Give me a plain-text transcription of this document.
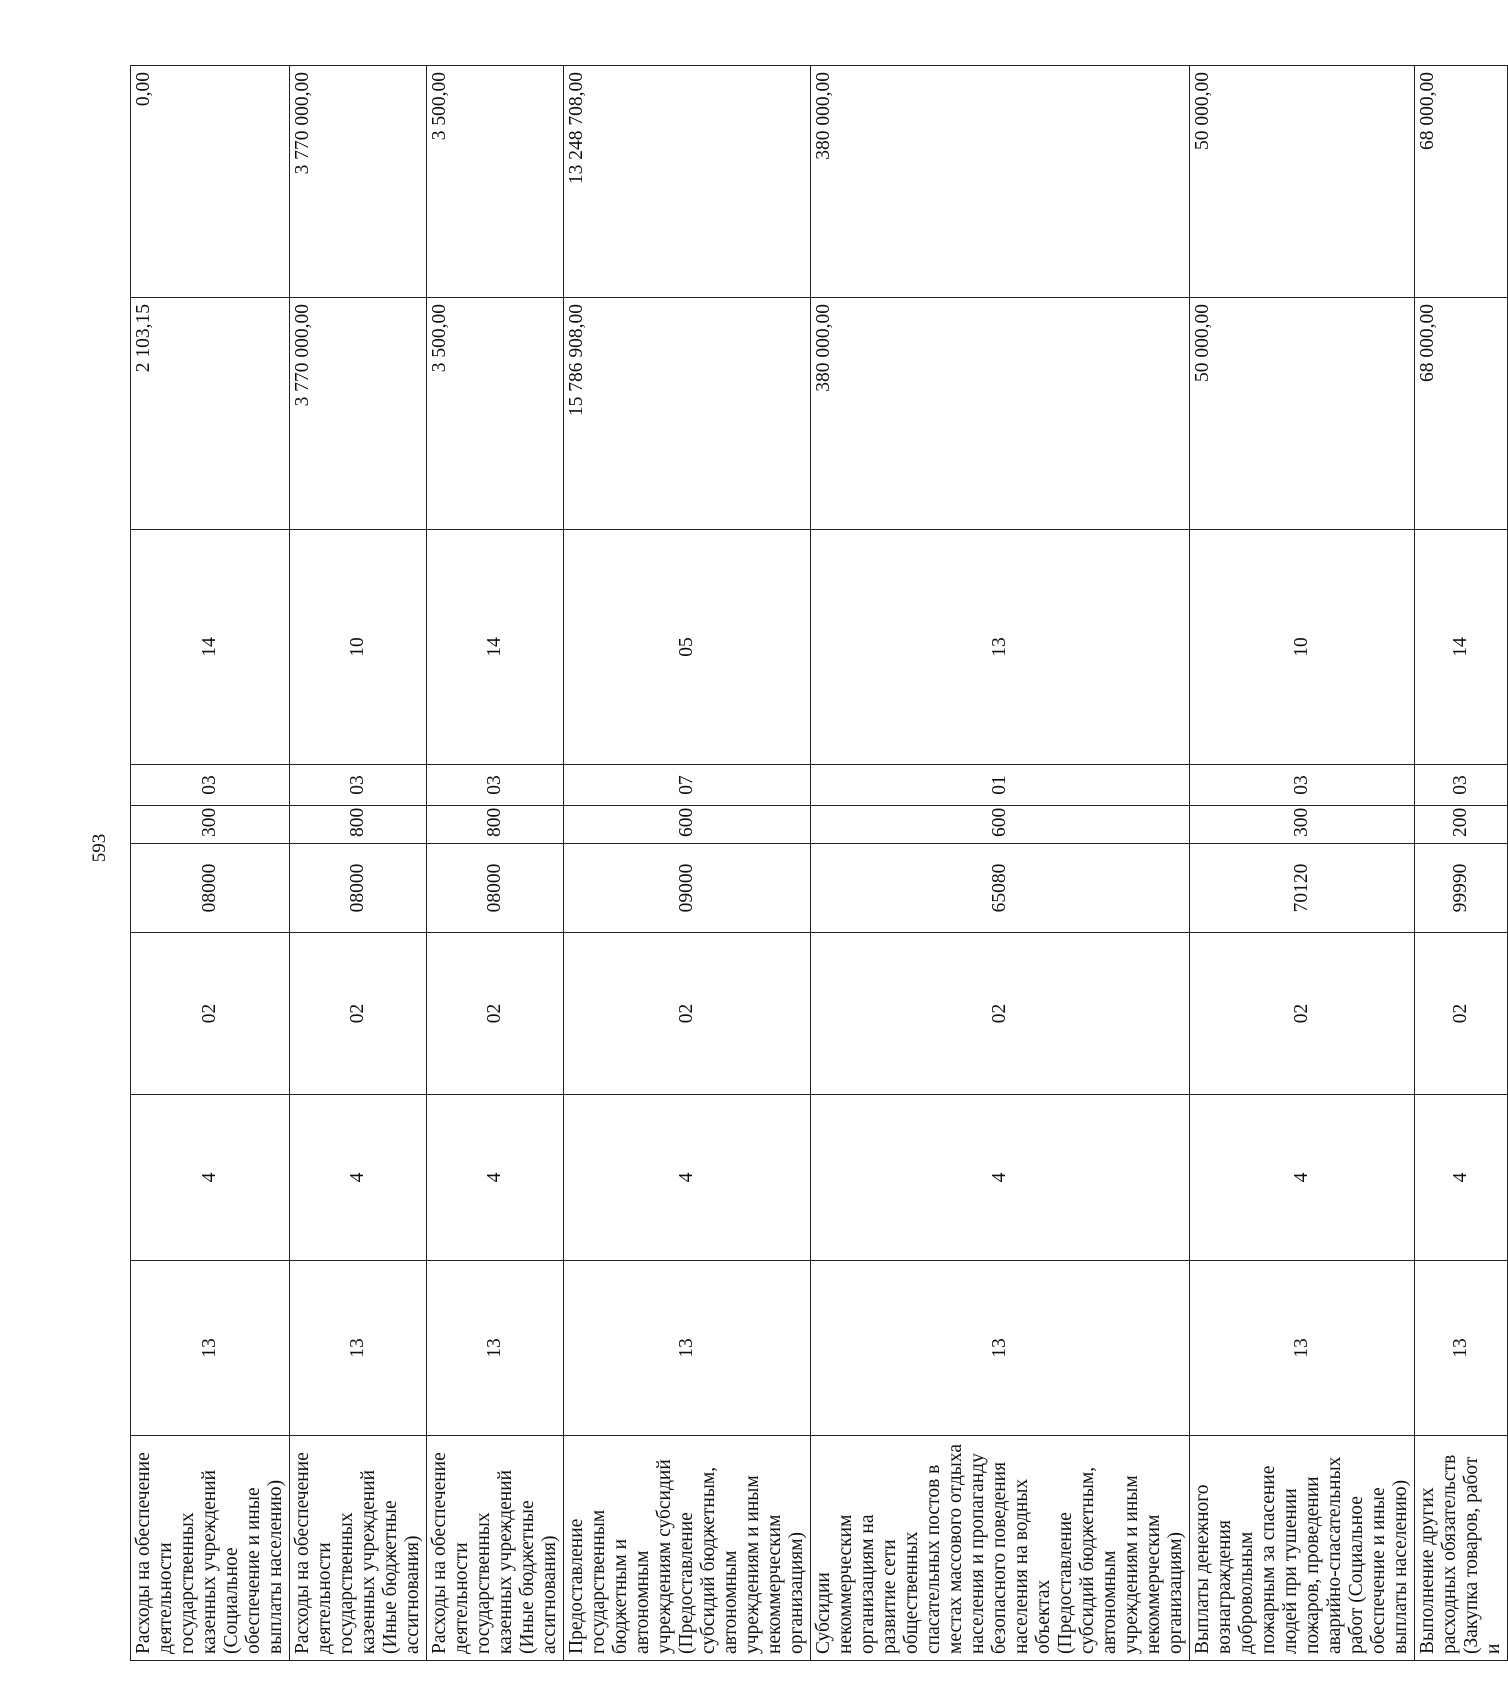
593
Расходы на обеспечение деятельности государственных казенных учреждений (Социальное обеспечение и иные выплаты населению)	13	4	02	08000	300	03	14	2 103,15	0,00	
Расходы на обеспечение деятельности государственных казенных учреждений (Иные бюджетные ассигнования)	13	4	02	08000	800	03	10	3 770 000,00	3 770 000,00	
Расходы на обеспечение деятельности государственных казенных учреждений (Иные бюджетные ассигнования)	13	4	02	08000	800	03	14	3 500,00	3 500,00	
Предоставление государственным бюджетным и автономным учреждениям субсидий (Предоставление субсидий бюджетным, автономным учреждениям и иным некоммерческим организациям)	13	4	02	09000	600	07	05	15 786 908,00	13 248 708,00	
Субсидии некоммерческим организациям на развитие сети общественных спасательных постов в местах массового отдыха населения и пропаганду безопасного поведения населения на водных объектах (Предоставление субсидий бюджетным, автономным учреждениям и иным некоммерческим организациям)	13	4	02	65080	600	01	13	380 000,00	380 000,00	
Выплаты денежного вознаграждения добровольным пожарным за спасение людей при тушении пожаров, проведении аварийно-спасательных работ (Социальное обеспечение и иные выплаты населению)	13	4	02	70120	300	03	10	50 000,00	50 000,00	
Выполнение других расходных обязательств (Закупка товаров, работ и	13	4	02	99990	200	03	14	68 000,00	68 000,00	
